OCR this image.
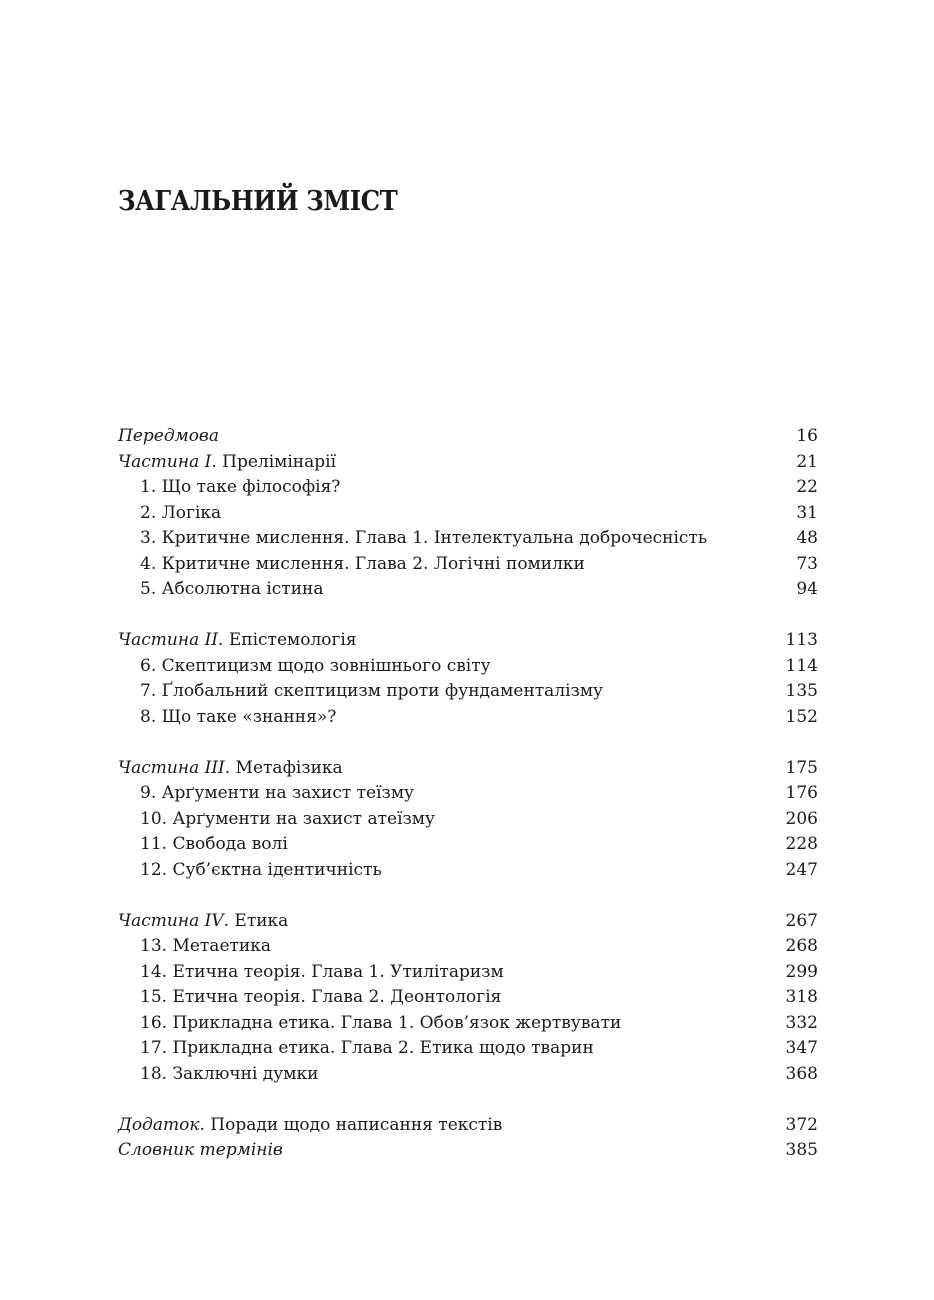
ЗАГАЛЬНИЙ ЗМІСТ
Передмова	16
Частина I. Прелімінарії	21
1. Що таке філософія?	22
2. Логіка	31
3. Критичне мислення. Глава 1. Інтелектуальна доброчесність	48
4. Критичне мислення. Глава 2. Логічні помилки	73
5. Абсолютна істина	94
Частина II. Епістемологія	113
6. Скептицизм щодо зовнішнього світу	114
7. Ґлобальний скептицизм проти фундаменталізму	135
8. Що таке «знання»?	152
Частина III. Метафізика	175
9. Арґументи на захист теїзму	176
10. Арґументи на захист атеїзму	206
11. Свобода волі	228
12. Суб’єктна ідентичність	247
Частина IV. Етика	267
13. Метаетика	268
14. Етична теорія. Глава 1. Утилітаризм	299
15. Етична теорія. Глава 2. Деонтологія	318
16. Прикладна етика. Глава 1. Обов’язок жертвувати	332
17. Прикладна етика. Глава 2. Етика щодо тварин	347
18. Заключні думки	368
Додаток. Поради щодо написання текстів	372
Словник термінів	385
